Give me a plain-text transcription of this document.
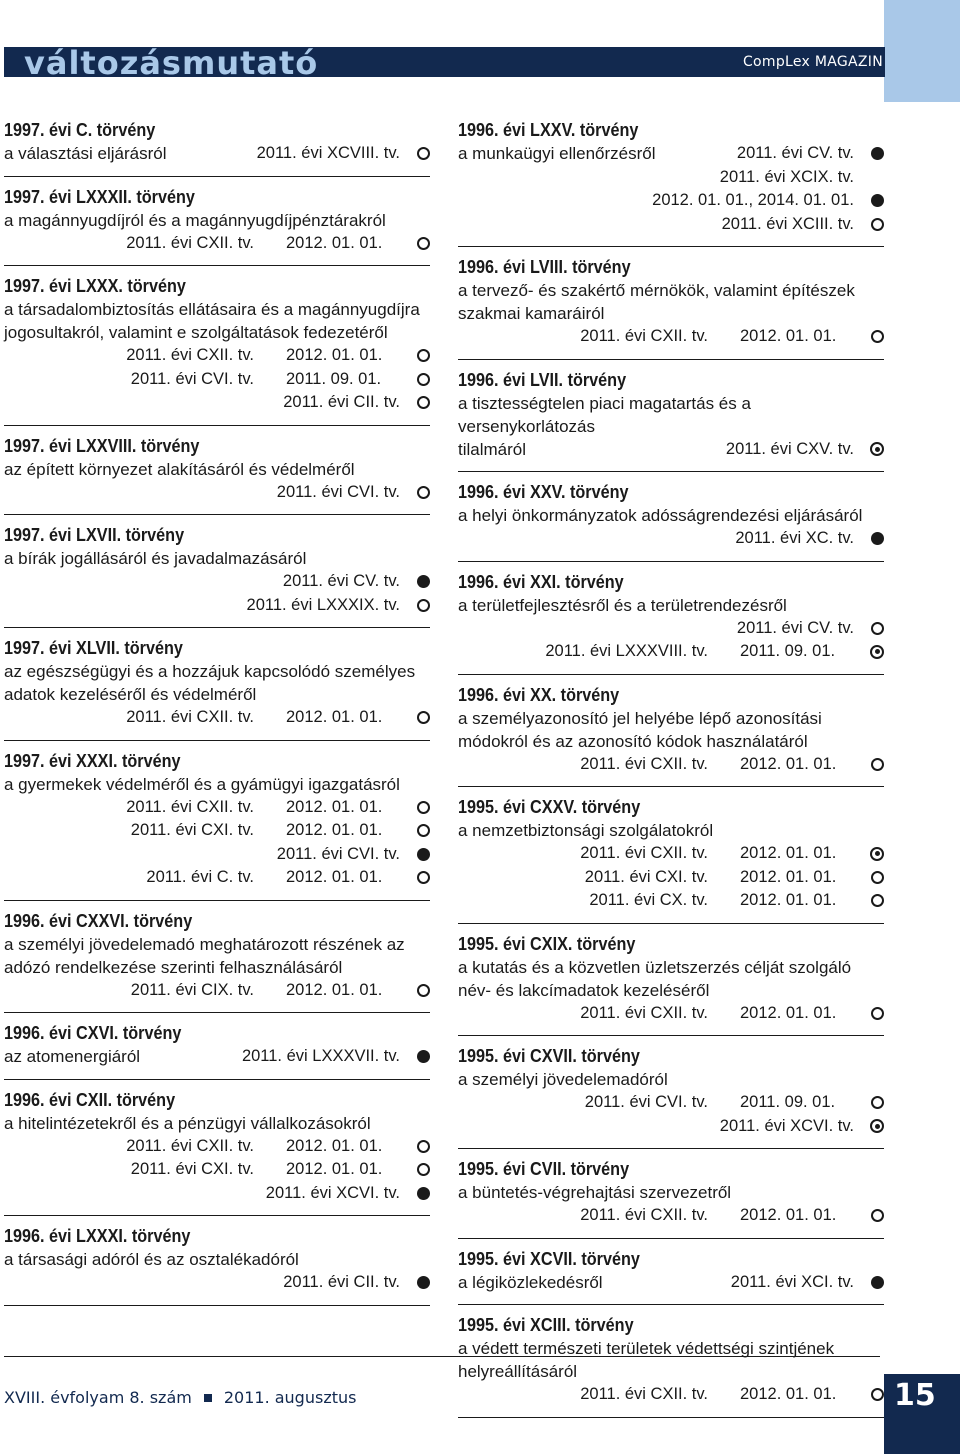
változásmutató	CompLex MAGAZIN
1997. évi C. törvény
a választási eljárásról	2011. évi XCVIII. tv.
1997. évi LXXXII. törvény
a magánnyugdíjról és a magánnyugdíjpénztárakról
2011. évi CXII. tv. 2012. 01. 01.
1997. évi LXXX. törvény
a társadalombiztosítás ellátásaira és a magánnyugdíjra jogosultakról, valamint e szolgáltatások fedezetéről
2011. évi CXII. tv. 2012. 01. 01.
2011. évi CVI. tv. 2011. 09. 01.
2011. évi CII. tv.
1997. évi LXXVIII. törvény
az épített környezet alakításáról és védelméről
2011. évi CVI. tv.
1997. évi LXVII. törvény
a bírák jogállásáról és javadalmazásáról
2011. évi CV. tv.
2011. évi LXXXIX. tv.
1997. évi XLVII. törvény
az egészségügyi és a hozzájuk kapcsolódó személyes adatok kezeléséről és védelméről
2011. évi CXII. tv. 2012. 01. 01.
1997. évi XXXI. törvény
a gyermekek védelméről és a gyámügyi igazgatásról
2011. évi CXII. tv. 2012. 01. 01.
2011. évi CXI. tv. 2012. 01. 01.
2011. évi CVI. tv.
2011. évi C. tv. 2012. 01. 01.
1996. évi CXXVI. törvény
a személyi jövedelemadó meghatározott részének az adózó rendelkezése szerinti felhasználásáról
2011. évi CIX. tv. 2012. 01. 01.
1996. évi CXVI. törvény
az atomenergiáról	2011. évi LXXXVII. tv.
1996. évi CXII. törvény
a hitelintézetekről és a pénzügyi vállalkozásokról
2011. évi CXII. tv. 2012. 01. 01.
2011. évi CXI. tv. 2012. 01. 01.
2011. évi XCVI. tv.
1996. évi LXXXI. törvény
a társasági adóról és az osztalékadóról
2011. évi CII. tv.
1996. évi LXXV. törvény
a munkaügyi ellenőrzésről	2011. évi CV. tv.
2011. évi XCIX. tv.
2012. 01. 01., 2014. 01. 01.
2011. évi XCIII. tv.
1996. évi LVIII. törvény
a tervező- és szakértő mérnökök, valamint építészek szakmai kamaráiról
2011. évi CXII. tv. 2012. 01. 01.
1996. évi LVII. törvény
a tisztességtelen piaci magatartás és a versenykorlátozás
tilalmáról	2011. évi CXV. tv.
1996. évi XXV. törvény
a helyi önkormányzatok adósságrendezési eljárásáról
2011. évi XC. tv.
1996. évi XXI. törvény
a területfejlesztésről és a területrendezésről
2011. évi CV. tv.
2011. évi LXXXVIII. tv. 2011. 09. 01.
1996. évi XX. törvény
a személyazonosító jel helyébe lépő azonosítási módokról és az azonosító kódok használatáról
2011. évi CXII. tv. 2012. 01. 01.
1995. évi CXXV. törvény
a nemzetbiztonsági szolgálatokról
2011. évi CXII. tv. 2012. 01. 01.
2011. évi CXI. tv. 2012. 01. 01.
2011. évi CX. tv. 2012. 01. 01.
1995. évi CXIX. törvény
a kutatás és a közvetlen üzletszerzés célját szolgáló név- és lakcímadatok kezeléséről
2011. évi CXII. tv. 2012. 01. 01.
1995. évi CXVII. törvény
a személyi jövedelemadóról
2011. évi CVI. tv. 2011. 09. 01.
2011. évi XCVI. tv.
1995. évi CVII. törvény
a büntetés-végrehajtási szervezetről
2011. évi CXII. tv. 2012. 01. 01.
1995. évi XCVII. törvény
a légiközlekedésről	2011. évi XCI. tv.
1995. évi XCIII. törvény
a védett természeti területek védettségi szintjének helyreállításáról
2011. évi CXII. tv. 2012. 01. 01.
XVIII. évfolyam 8. szám 2011. augusztus	15
